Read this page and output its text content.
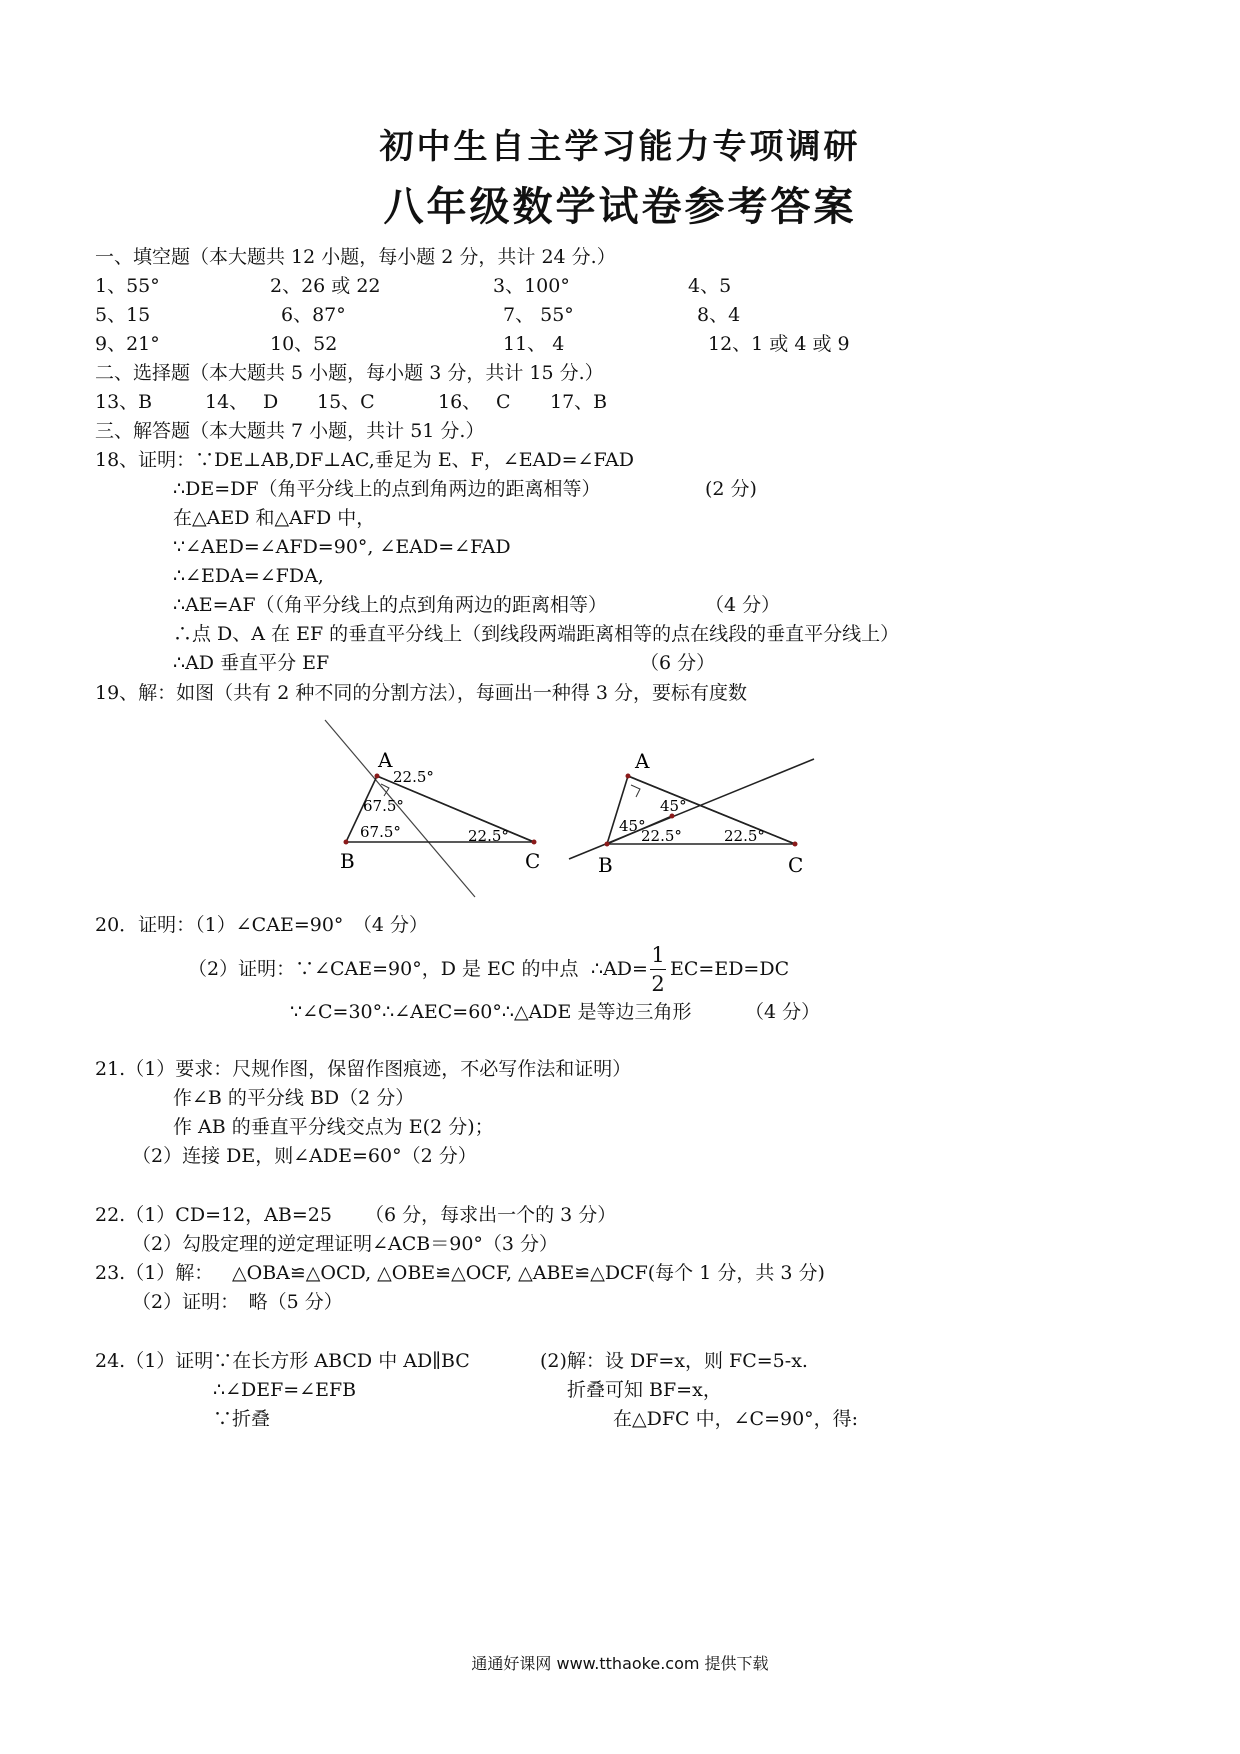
初中生自主学习能力专项调研
八年级数学试卷参考答案
一、填空题（本大题共 12 小题，每小题 2 分，共计 24 分.）
1、55°	2、26 或 22	3、100°	4、5
5、15	6、87°	7、 55°	8、4
9、21°	10、52	11、 4	12、1 或 4 或 9
二、选择题（本大题共 5 小题，每小题 3 分，共计 15 分.）
13、B	14、 D 15、C	16、 C 17、B
三、解答题（本大题共 7 小题，共计 51 分.）
18、证明：∵DE⊥AB,DF⊥AC,垂足为 E、F，∠EAD=∠FAD
∴DE=DF（角平分线上的点到角两边的距离相等）	(2 分)
在△AED 和△AFD 中，
∵∠AED=∠AFD=90°, ∠EAD=∠FAD
∴∠EDA=∠FDA,
∴AE=AF（（角平分线上的点到角两边的距离相等）	（4 分）
∴点 D、A 在 EF 的垂直平分线上（到线段两端距离相等的点在线段的垂直平分线上）
∴AD 垂直平分 EF	（6 分）
19、解：如图（共有 2 种不同的分割方法），每画出一种得 3 分，要标有度数
A
B	C
22.5°
67.5°
67.5°	22.5°
A
B	C
45°
45°
22.5°	22.5°
20．证明：（1）∠CAE=90°　（4 分）
（2）证明：∵∠CAE=90°，D 是 EC 的中点 ∴AD=
1
2
EC=ED=DC
∵∠C=30°∴∠AEC=60°∴△ADE 是等边三角形	（4 分）
21.（1）要求：尺规作图，保留作图痕迹，不必写作法和证明）
作∠B 的平分线 BD（2 分）
作 AB 的垂直平分线交点为 E(2 分)；
（2）连接 DE，则∠ADE=60°（2 分）
22.（1）CD=12，AB=25 （6 分，每求出一个的 3 分）
（2）勾股定理的逆定理证明∠ACB＝90°（3 分）
23.（1）解： △OBA≌△OCD, △OBE≌△OCF, △ABE≌△DCF(每个 1 分，共 3 分)
（2）证明：　略（5 分）
24.（1）证明∵在长方形 ABCD 中 AD∥BC
∴∠DEF=∠EFB
∵折叠
(2)解：设 DF=x，则 FC=5-x.
折叠可知 BF=x，
在△DFC 中，∠C=90°，得:
通通好课网 www.tthaoke.com 提供下载
